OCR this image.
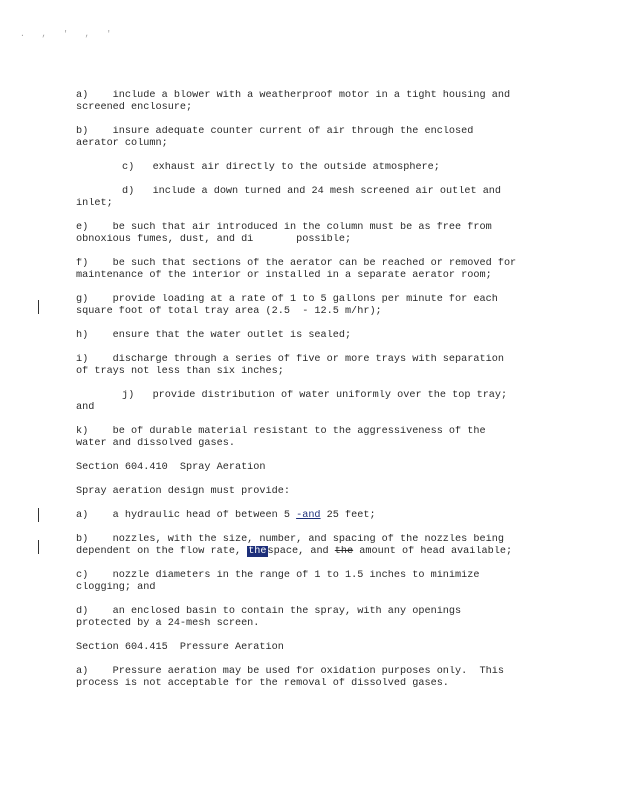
. , ' , '
a)    include a blower with a weatherproof motor in a tight housing and
screened enclosure;
b)    insure adequate counter current of air through the enclosed
aerator column;
c)   exhaust air directly to the outside atmosphere;
d)   include a down turned and 24 mesh screened air outlet and
inlet;
e)    be such that air introduced in the column must be as free from
obnoxious fumes, dust, and di       possible;
f)    be such that sections of the aerator can be reached or removed for
maintenance of the interior or installed in a separate aerator room;
g)    provide loading at a rate of 1 to 5 gallons per minute for each
square foot of total tray area (2.5  - 12.5 m/hr);
h)    ensure that the water outlet is sealed;
i)    discharge through a series of five or more trays with separation
of trays not less than six inches;
j)   provide distribution of water uniformly over the top tray;
and
k)    be of durable material resistant to the aggressiveness of the
water and dissolved gases.
Section 604.410  Spray Aeration
Spray aeration design must provide:
a)    a hydraulic head of between 5 -and 25 feet;
b)    nozzles, with the size, number, and spacing of the nozzles being
dependent on the flow rate, thespace, and the amount of head available;
c)    nozzle diameters in the range of 1 to 1.5 inches to minimize
clogging; and
d)    an enclosed basin to contain the spray, with any openings
protected by a 24-mesh screen.
Section 604.415  Pressure Aeration
a)    Pressure aeration may be used for oxidation purposes only.  This
process is not acceptable for the removal of dissolved gases.
